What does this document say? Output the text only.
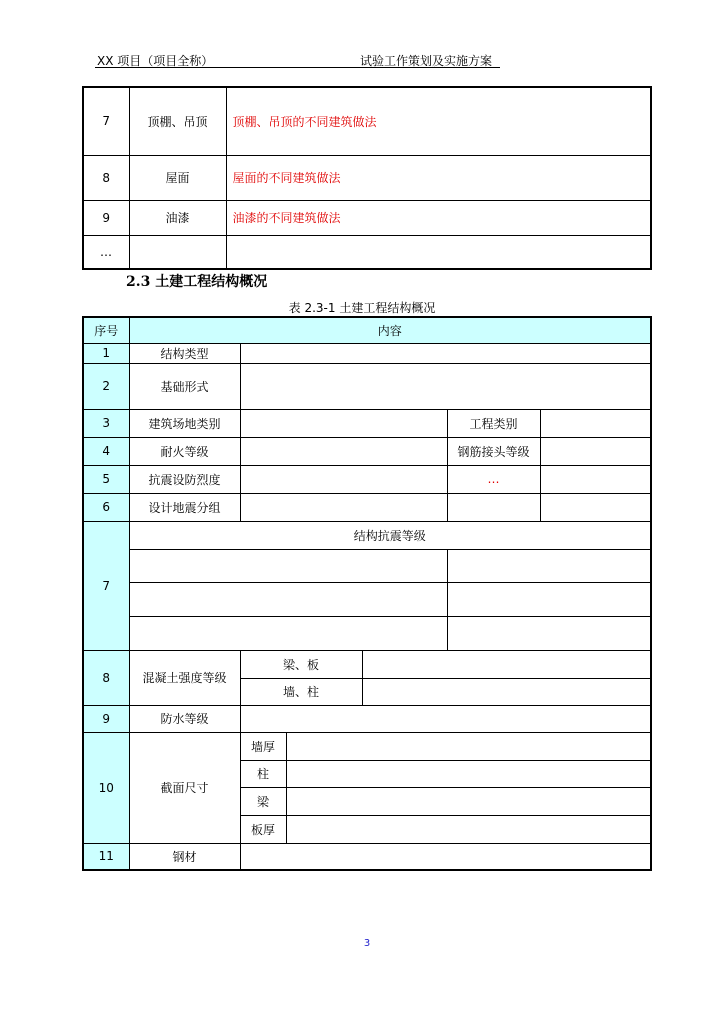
XX 项目（项目全称）	试验工作策划及实施方案
7	顶棚、吊顶	顶棚、吊顶的不同建筑做法
8	屋面	屋面的不同建筑做法
9	油漆	油漆的不同建筑做法
…		
2.3 土建工程结构概况
表 2.3-1 土建工程结构概况
序号	内容					
1	结构类型					
2	基础形式					
3	建筑场地类别				工程类别	
4	耐火等级				钢筋接头等级	
5	抗震设防烈度				…	
6	设计地震分组					
7	结构抗震等级					

8	混凝土强度等级	梁、板				
		墙、柱				
9	防水等级					
10	截面尺寸	墙厚				
		柱				
		梁				
		板厚				
11	钢材					
3
